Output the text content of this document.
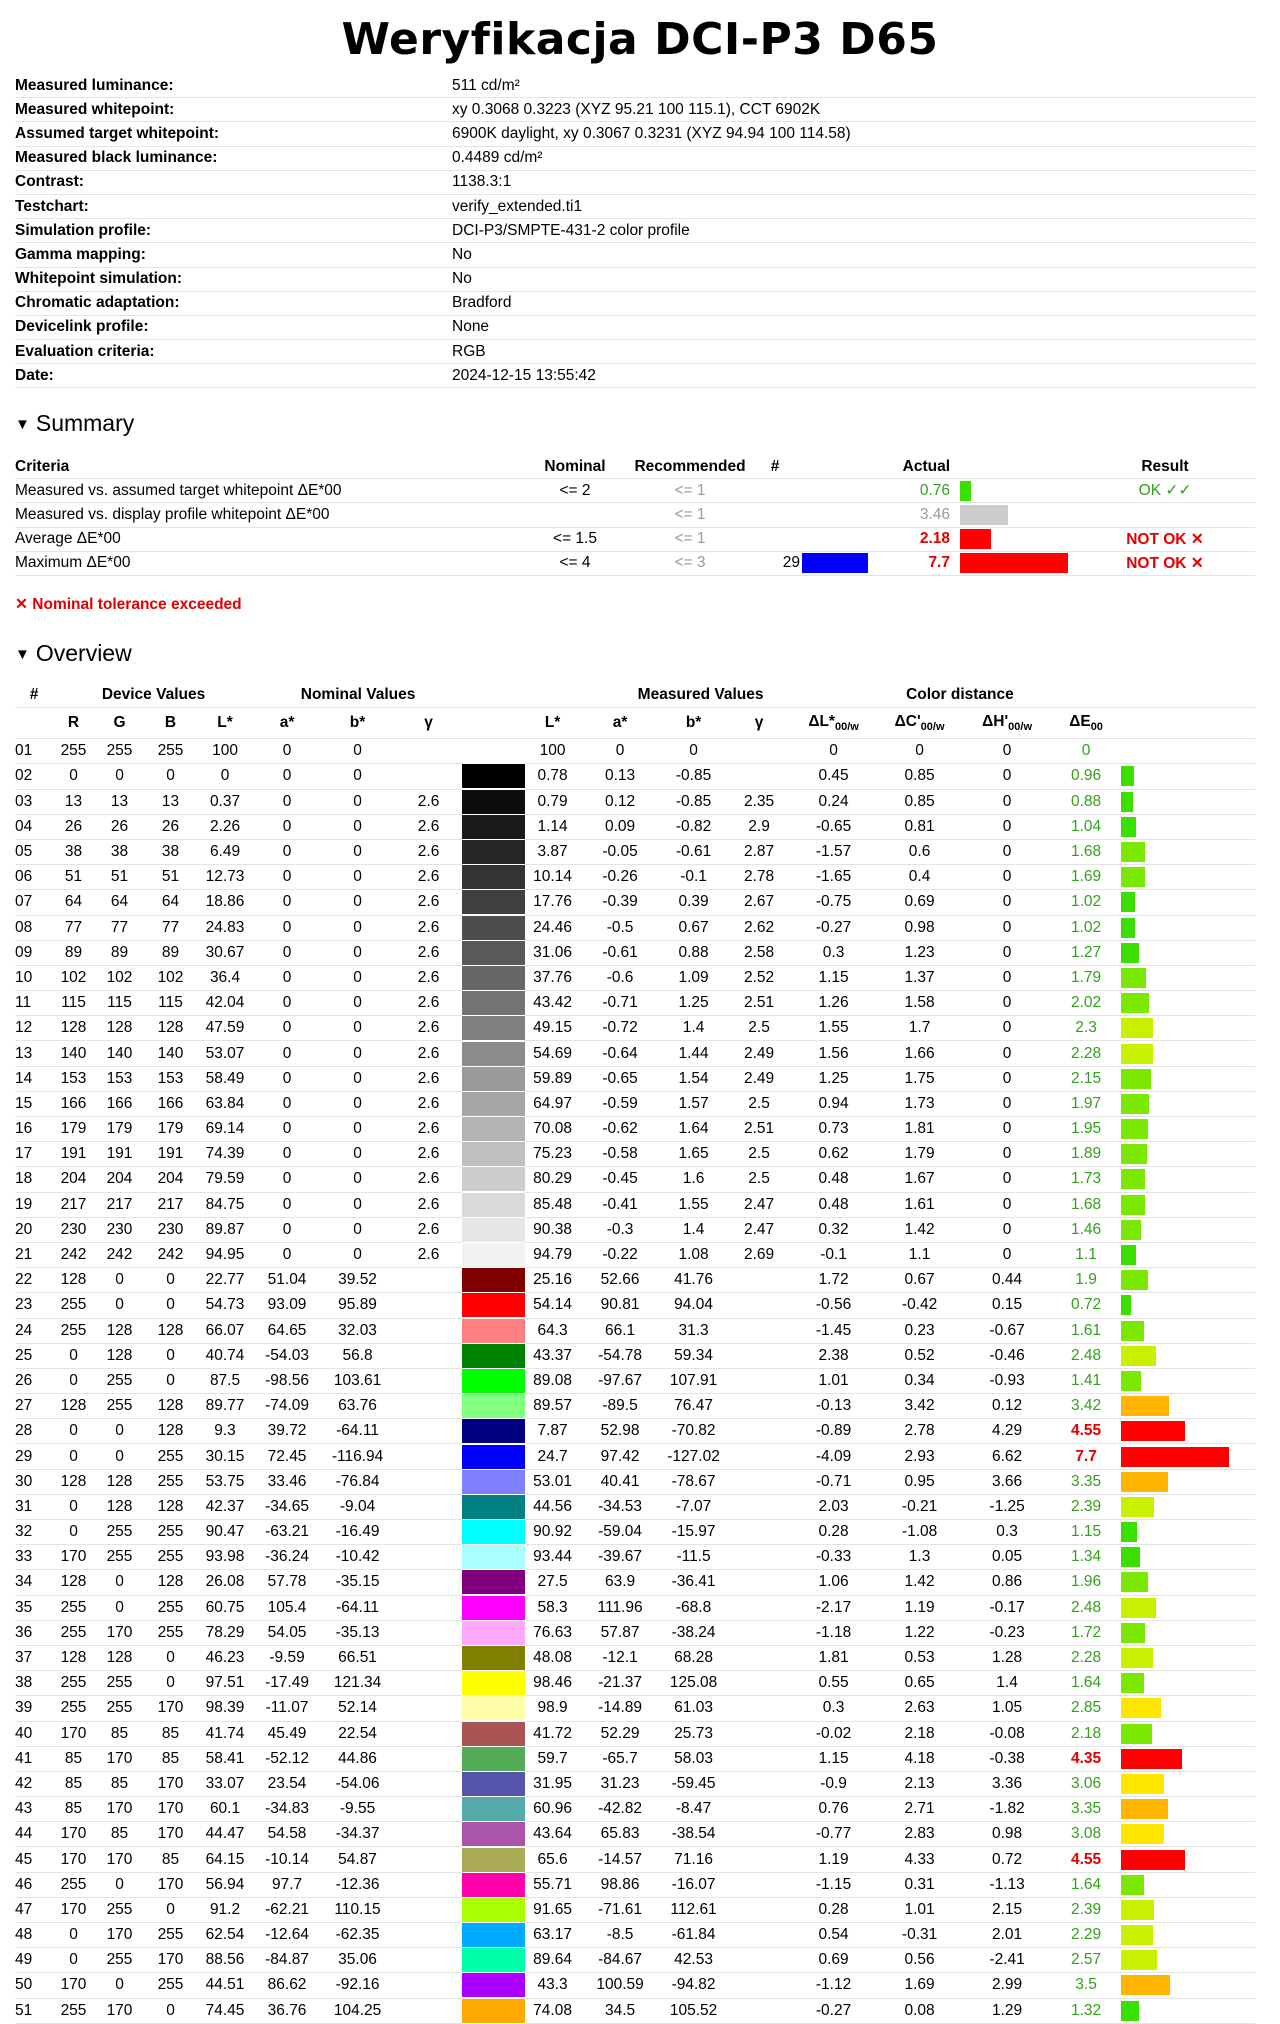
Weryfikacja DCI-P3 D65
Measured luminance:	511 cd/m²
Measured whitepoint:	xy 0.3068 0.3223 (XYZ 95.21 100 115.1), CCT 6902K
Assumed target whitepoint:	6900K daylight, xy 0.3067 0.3231 (XYZ 94.94 100 114.58)
Measured black luminance:	0.4489 cd/m²
Contrast:	1138.3:1
Testchart:	verify_extended.ti1
Simulation profile:	DCI-P3/SMPTE-431-2 color profile
Gamma mapping:	No
Whitepoint simulation:	No
Chromatic adaptation:	Bradford
Devicelink profile:	None
Evaluation criteria:	RGB
Date:	2024-12-15 13:55:42
▼ Summary
Criteria	Nominal	Recommended	#		Actual			Result
Measured vs. assumed target whitepoint ΔE*00	<= 2	<= 1			0.76			OK ✓✓
Measured vs. display profile whitepoint ΔE*00		<= 1			3.46		

Average ΔE*00	<= 1.5	<= 1			2.18			NOT OK ✕
Maximum ΔE*00	<= 4	<= 3	29		7.7			NOT OK ✕
✕ Nominal tolerance exceeded
▼ Overview
#	Device Values				Nominal Values				Measured Values					Color distance			
	R	G	B	L*	a*	b*	γ		L*	a*	b*	γ	$\Delta L*_{00/w}$	$\Delta C'_{00/w}$	$\Delta H'_{00/w}$	$\Delta E_{00}$	
01	255	255	255	100	0	0			100	0	0		0	0	0	0	
02	0	0	0	0	0	0			0.78	0.13	-0.85		0.45	0.85	0	0.96	

03	13	13	13	0.37	0	0	2.6		0.79	0.12	-0.85	2.35	0.24	0.85	0	0.88	

04	26	26	26	2.26	0	0	2.6		1.14	0.09	-0.82	2.9	-0.65	0.81	0	1.04	

05	38	38	38	6.49	0	0	2.6		3.87	-0.05	-0.61	2.87	-1.57	0.6	0	1.68	

06	51	51	51	12.73	0	0	2.6		10.14	-0.26	-0.1	2.78	-1.65	0.4	0	1.69	

07	64	64	64	18.86	0	0	2.6		17.76	-0.39	0.39	2.67	-0.75	0.69	0	1.02	

08	77	77	77	24.83	0	0	2.6		24.46	-0.5	0.67	2.62	-0.27	0.98	0	1.02	

09	89	89	89	30.67	0	0	2.6		31.06	-0.61	0.88	2.58	0.3	1.23	0	1.27	

10	102	102	102	36.4	0	0	2.6		37.76	-0.6	1.09	2.52	1.15	1.37	0	1.79	

11	115	115	115	42.04	0	0	2.6		43.42	-0.71	1.25	2.51	1.26	1.58	0	2.02	

12	128	128	128	47.59	0	0	2.6		49.15	-0.72	1.4	2.5	1.55	1.7	0	2.3	

13	140	140	140	53.07	0	0	2.6		54.69	-0.64	1.44	2.49	1.56	1.66	0	2.28	

14	153	153	153	58.49	0	0	2.6		59.89	-0.65	1.54	2.49	1.25	1.75	0	2.15	

15	166	166	166	63.84	0	0	2.6		64.97	-0.59	1.57	2.5	0.94	1.73	0	1.97	

16	179	179	179	69.14	0	0	2.6		70.08	-0.62	1.64	2.51	0.73	1.81	0	1.95	

17	191	191	191	74.39	0	0	2.6		75.23	-0.58	1.65	2.5	0.62	1.79	0	1.89	

18	204	204	204	79.59	0	0	2.6		80.29	-0.45	1.6	2.5	0.48	1.67	0	1.73	

19	217	217	217	84.75	0	0	2.6		85.48	-0.41	1.55	2.47	0.48	1.61	0	1.68	

20	230	230	230	89.87	0	0	2.6		90.38	-0.3	1.4	2.47	0.32	1.42	0	1.46	

21	242	242	242	94.95	0	0	2.6		94.79	-0.22	1.08	2.69	-0.1	1.1	0	1.1	

22	128	0	0	22.77	51.04	39.52			25.16	52.66	41.76		1.72	0.67	0.44	1.9	

23	255	0	0	54.73	93.09	95.89			54.14	90.81	94.04		-0.56	-0.42	0.15	0.72	

24	255	128	128	66.07	64.65	32.03			64.3	66.1	31.3		-1.45	0.23	-0.67	1.61	

25	0	128	0	40.74	-54.03	56.8			43.37	-54.78	59.34		2.38	0.52	-0.46	2.48	

26	0	255	0	87.5	-98.56	103.61			89.08	-97.67	107.91		1.01	0.34	-0.93	1.41	

27	128	255	128	89.77	-74.09	63.76			89.57	-89.5	76.47		-0.13	3.42	0.12	3.42	

28	0	0	128	9.3	39.72	-64.11			7.87	52.98	-70.82		-0.89	2.78	4.29	4.55	

29	0	0	255	30.15	72.45	-116.94			24.7	97.42	-127.02		-4.09	2.93	6.62	7.7	

30	128	128	255	53.75	33.46	-76.84			53.01	40.41	-78.67		-0.71	0.95	3.66	3.35	

31	0	128	128	42.37	-34.65	-9.04			44.56	-34.53	-7.07		2.03	-0.21	-1.25	2.39	

32	0	255	255	90.47	-63.21	-16.49			90.92	-59.04	-15.97		0.28	-1.08	0.3	1.15	

33	170	255	255	93.98	-36.24	-10.42			93.44	-39.67	-11.5		-0.33	1.3	0.05	1.34	

34	128	0	128	26.08	57.78	-35.15			27.5	63.9	-36.41		1.06	1.42	0.86	1.96	

35	255	0	255	60.75	105.4	-64.11			58.3	111.96	-68.8		-2.17	1.19	-0.17	2.48	

36	255	170	255	78.29	54.05	-35.13			76.63	57.87	-38.24		-1.18	1.22	-0.23	1.72	

37	128	128	0	46.23	-9.59	66.51			48.08	-12.1	68.28		1.81	0.53	1.28	2.28	

38	255	255	0	97.51	-17.49	121.34			98.46	-21.37	125.08		0.55	0.65	1.4	1.64	

39	255	255	170	98.39	-11.07	52.14			98.9	-14.89	61.03		0.3	2.63	1.05	2.85	

40	170	85	85	41.74	45.49	22.54			41.72	52.29	25.73		-0.02	2.18	-0.08	2.18	

41	85	170	85	58.41	-52.12	44.86			59.7	-65.7	58.03		1.15	4.18	-0.38	4.35	

42	85	85	170	33.07	23.54	-54.06			31.95	31.23	-59.45		-0.9	2.13	3.36	3.06	

43	85	170	170	60.1	-34.83	-9.55			60.96	-42.82	-8.47		0.76	2.71	-1.82	3.35	

44	170	85	170	44.47	54.58	-34.37			43.64	65.83	-38.54		-0.77	2.83	0.98	3.08	

45	170	170	85	64.15	-10.14	54.87			65.6	-14.57	71.16		1.19	4.33	0.72	4.55	

46	255	0	170	56.94	97.7	-12.36			55.71	98.86	-16.07		-1.15	0.31	-1.13	1.64	

47	170	255	0	91.2	-62.21	110.15			91.65	-71.61	112.61		0.28	1.01	2.15	2.39	

48	0	170	255	62.54	-12.64	-62.35			63.17	-8.5	-61.84		0.54	-0.31	2.01	2.29	

49	0	255	170	88.56	-84.87	35.06			89.64	-84.67	42.53		0.69	0.56	-2.41	2.57	

50	170	0	255	44.51	86.62	-92.16			43.3	100.59	-94.82		-1.12	1.69	2.99	3.5	

51	255	170	0	74.45	36.76	104.25			74.08	34.5	105.52		-0.27	0.08	1.29	1.32	
